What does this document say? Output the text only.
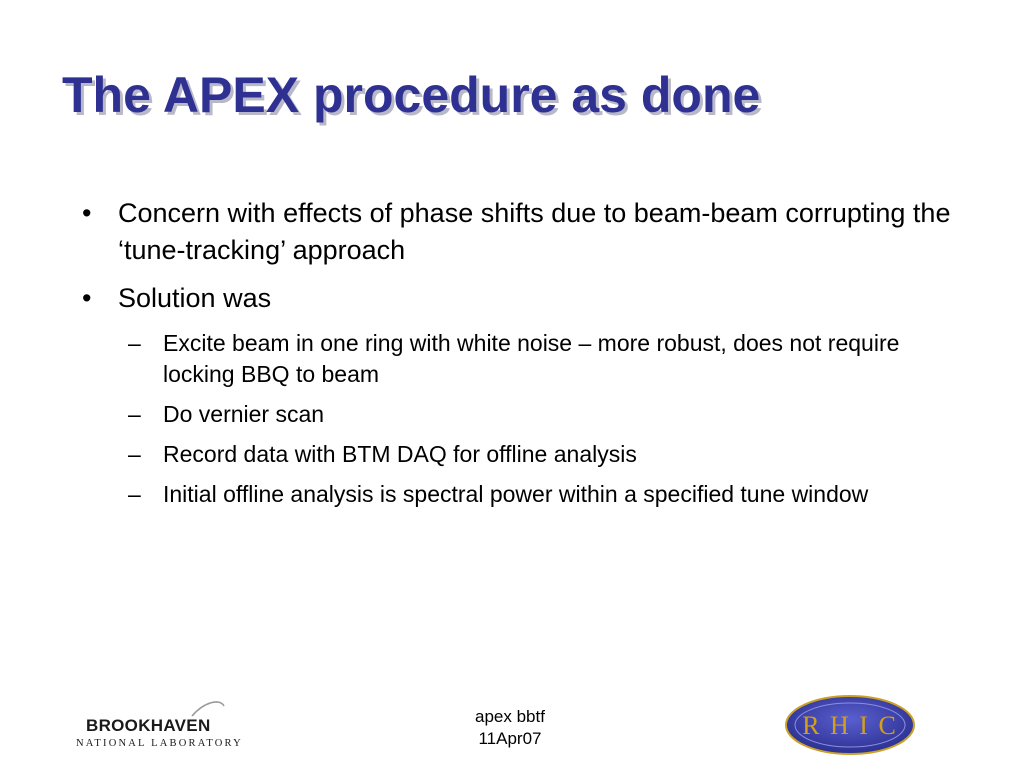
The APEX procedure as done
• Concern with effects of phase shifts due to beam-beam corrupting the ‘tune-tracking’ approach
• Solution was
– Excite beam in one ring with white noise – more robust, does not require locking BBQ to beam
– Do vernier scan
– Record data with BTM DAQ for offline analysis
– Initial offline analysis is spectral power within a specified tune window
BROOKHAVEN
NATIONAL LABORATORY
apex bbtf
11Apr07	R H I C
